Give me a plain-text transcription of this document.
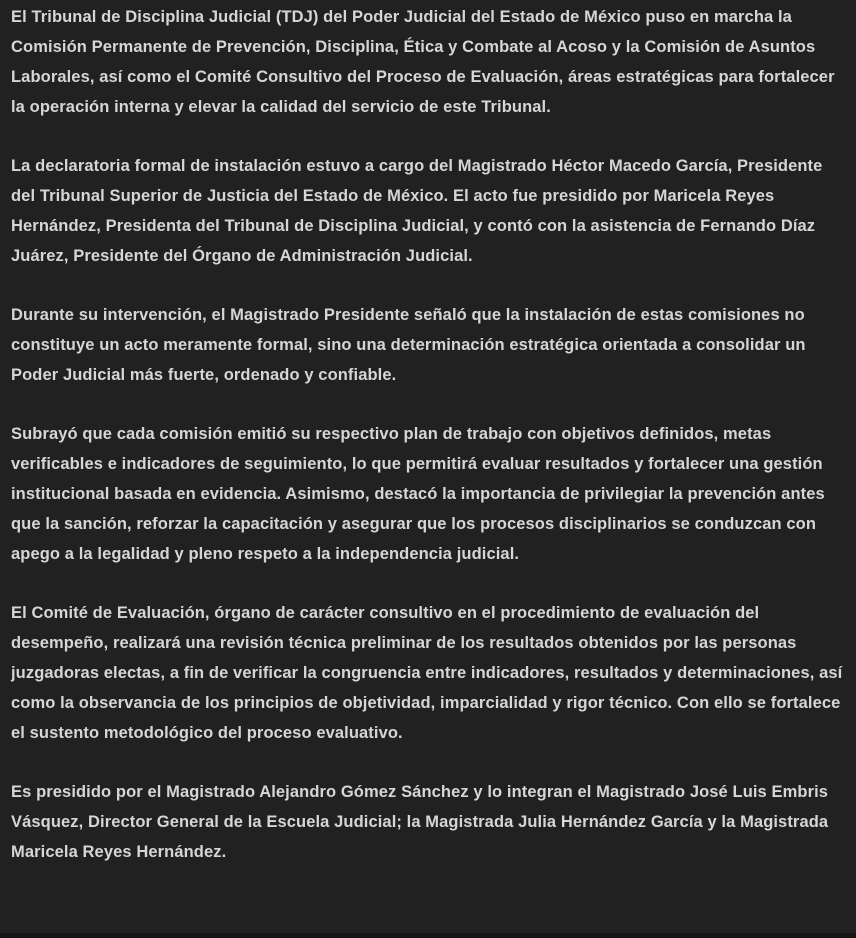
El Tribunal de Disciplina Judicial (TDJ) del Poder Judicial del Estado de México puso en marcha la Comisión Permanente de Prevención, Disciplina, Ética y Combate al Acoso y la Comisión de Asuntos Laborales, así como el Comité Consultivo del Proceso de Evaluación, áreas estratégicas para fortalecer la operación interna y elevar la calidad del servicio de este Tribunal.

La declaratoria formal de instalación estuvo a cargo del Magistrado Héctor Macedo García, Presidente del Tribunal Superior de Justicia del Estado de México. El acto fue presidido por Maricela Reyes Hernández, Presidenta del Tribunal de Disciplina Judicial, y contó con la asistencia de Fernando Díaz Juárez, Presidente del Órgano de Administración Judicial.

Durante su intervención, el Magistrado Presidente señaló que la instalación de estas comisiones no constituye un acto meramente formal, sino una determinación estratégica orientada a consolidar un Poder Judicial más fuerte, ordenado y confiable.

Subrayó que cada comisión emitió su respectivo plan de trabajo con objetivos definidos, metas verificables e indicadores de seguimiento, lo que permitirá evaluar resultados y fortalecer una gestión institucional basada en evidencia. Asimismo, destacó la importancia de privilegiar la prevención antes que la sanción, reforzar la capacitación y asegurar que los procesos disciplinarios se conduzcan con apego a la legalidad y pleno respeto a la independencia judicial.

El Comité de Evaluación, órgano de carácter consultivo en el procedimiento de evaluación del desempeño, realizará una revisión técnica preliminar de los resultados obtenidos por las personas juzgadoras electas, a fin de verificar la congruencia entre indicadores, resultados y determinaciones, así como la observancia de los principios de objetividad, imparcialidad y rigor técnico. Con ello se fortalece el sustento metodológico del proceso evaluativo.

Es presidido por el Magistrado Alejandro Gómez Sánchez y lo integran el Magistrado José Luis Embris Vásquez, Director General de la Escuela Judicial; la Magistrada Julia Hernández García y la Magistrada Maricela Reyes Hernández.
